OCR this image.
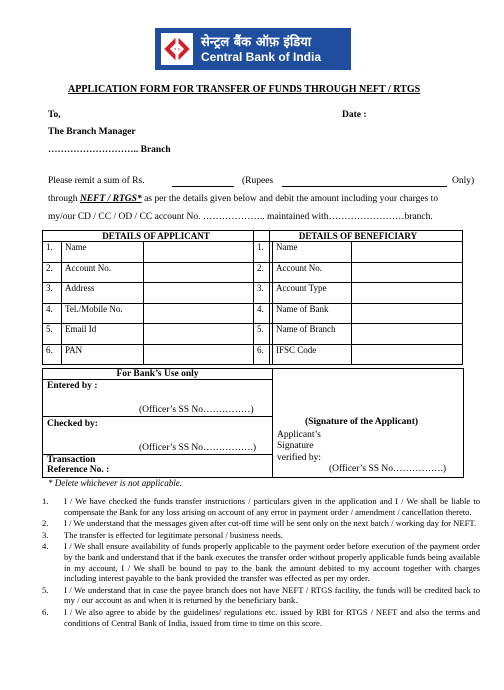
सेन्ट्रल बैंक ऑफ़ इंडिया
Central Bank of India
APPLICATION FORM FOR TRANSFER OF FUNDS THROUGH NEFT / RTGS
To,	Date :
The Branch Manager
……………………….. Branch
Please remit a sum of Rs.	(Rupees	Only)
through NEFT / RTGS* as per the details given below and debit the amount including your charges to
my/our CD / CC / OD / CC account No. ……………….. maintained with……………………branch.
DETAILS OF APPLICANT		
1.	Name	
2.	Account No.	
3.	Address	
4.	Tel./Mobile No.	
5.	Email Id	
6.	PAN	
DETAILS OF BENEFICIARY		
1.	Name	
2.	Account No.	
3.	Account Type	
4.	Name of Bank	
5.	Name of Branch	
6.	IFSC Code	
For Bank’s Use only
Entered by :
(Officer’s SS No……………)
Checked by:
(Officer’s SS No…………….)
Transaction
Reference No. :
(Signature of the Applicant)
Applicant’s
Signature
verified by:
(Officer’s SS No…………….)
* Delete whichever is not applicable.
1.	I / We have checked the funds transfer instructions / particulars given in the application and I / We shall be liable to compensate the Bank for any loss arising on account of any error in payment order / amendment / cancellation thereto.
2.	I / We understand that the messages given after cut-off time will be sent only on the next batch / working day for NEFT.
3.	The transfer is effected for legitimate personal / business needs.
4.	I / We shall ensure availability of funds properly applicable to the payment order before execution of the payment order by the bank and understand that if the bank executes the transfer order without properly applicable funds being available in my account, I / We shall be bound to pay to the bank the amount debited to my account together with charges including interest payable to the bank provided the transfer was effected as per my order.
5.	I / We understand that in case the payee branch does not have NEFT / RTGS facility, the funds will be credited back to my / our account as and when it is returned by the beneficiary bank.
6.	I / We also agree to abide by the guidelines/ regulations etc. issued by RBI for RTGS / NEFT and also the terms and conditions of Central Bank of India, issued from time to time on this score.
